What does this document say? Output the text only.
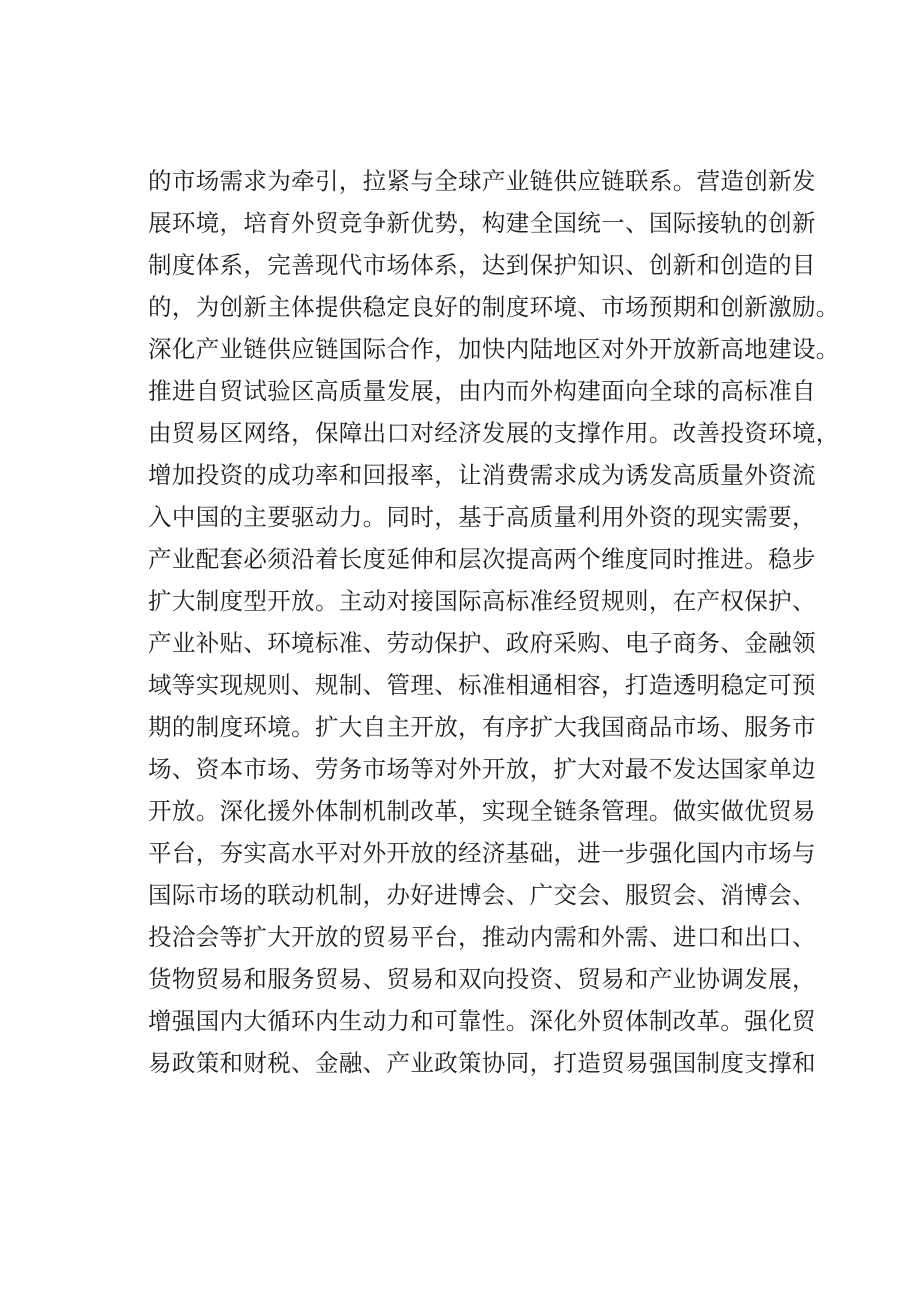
的市场需求为牵引，拉紧与全球产业链供应链联系。营造创新发
展环境，培育外贸竞争新优势，构建全国统一、国际接轨的创新
制度体系，完善现代市场体系，达到保护知识、创新和创造的目
的，为创新主体提供稳定良好的制度环境、市场预期和创新激励。
深化产业链供应链国际合作，加快内陆地区对外开放新高地建设。
推进自贸试验区高质量发展，由内而外构建面向全球的高标准自
由贸易区网络，保障出口对经济发展的支撑作用。改善投资环境，
增加投资的成功率和回报率，让消费需求成为诱发高质量外资流
入中国的主要驱动力。同时，基于高质量利用外资的现实需要，
产业配套必须沿着长度延伸和层次提高两个维度同时推进。稳步
扩大制度型开放。主动对接国际高标准经贸规则，在产权保护、
产业补贴、环境标准、劳动保护、政府采购、电子商务、金融领
域等实现规则、规制、管理、标准相通相容，打造透明稳定可预
期的制度环境。扩大自主开放，有序扩大我国商品市场、服务市
场、资本市场、劳务市场等对外开放，扩大对最不发达国家单边
开放。深化援外体制机制改革，实现全链条管理。做实做优贸易
平台，夯实高水平对外开放的经济基础，进一步强化国内市场与
国际市场的联动机制，办好进博会、广交会、服贸会、消博会、
投洽会等扩大开放的贸易平台，推动内需和外需、进口和出口、
货物贸易和服务贸易、贸易和双向投资、贸易和产业协调发展，
增强国内大循环内生动力和可靠性。深化外贸体制改革。强化贸
易政策和财税、金融、产业政策协同，打造贸易强国制度支撑和
